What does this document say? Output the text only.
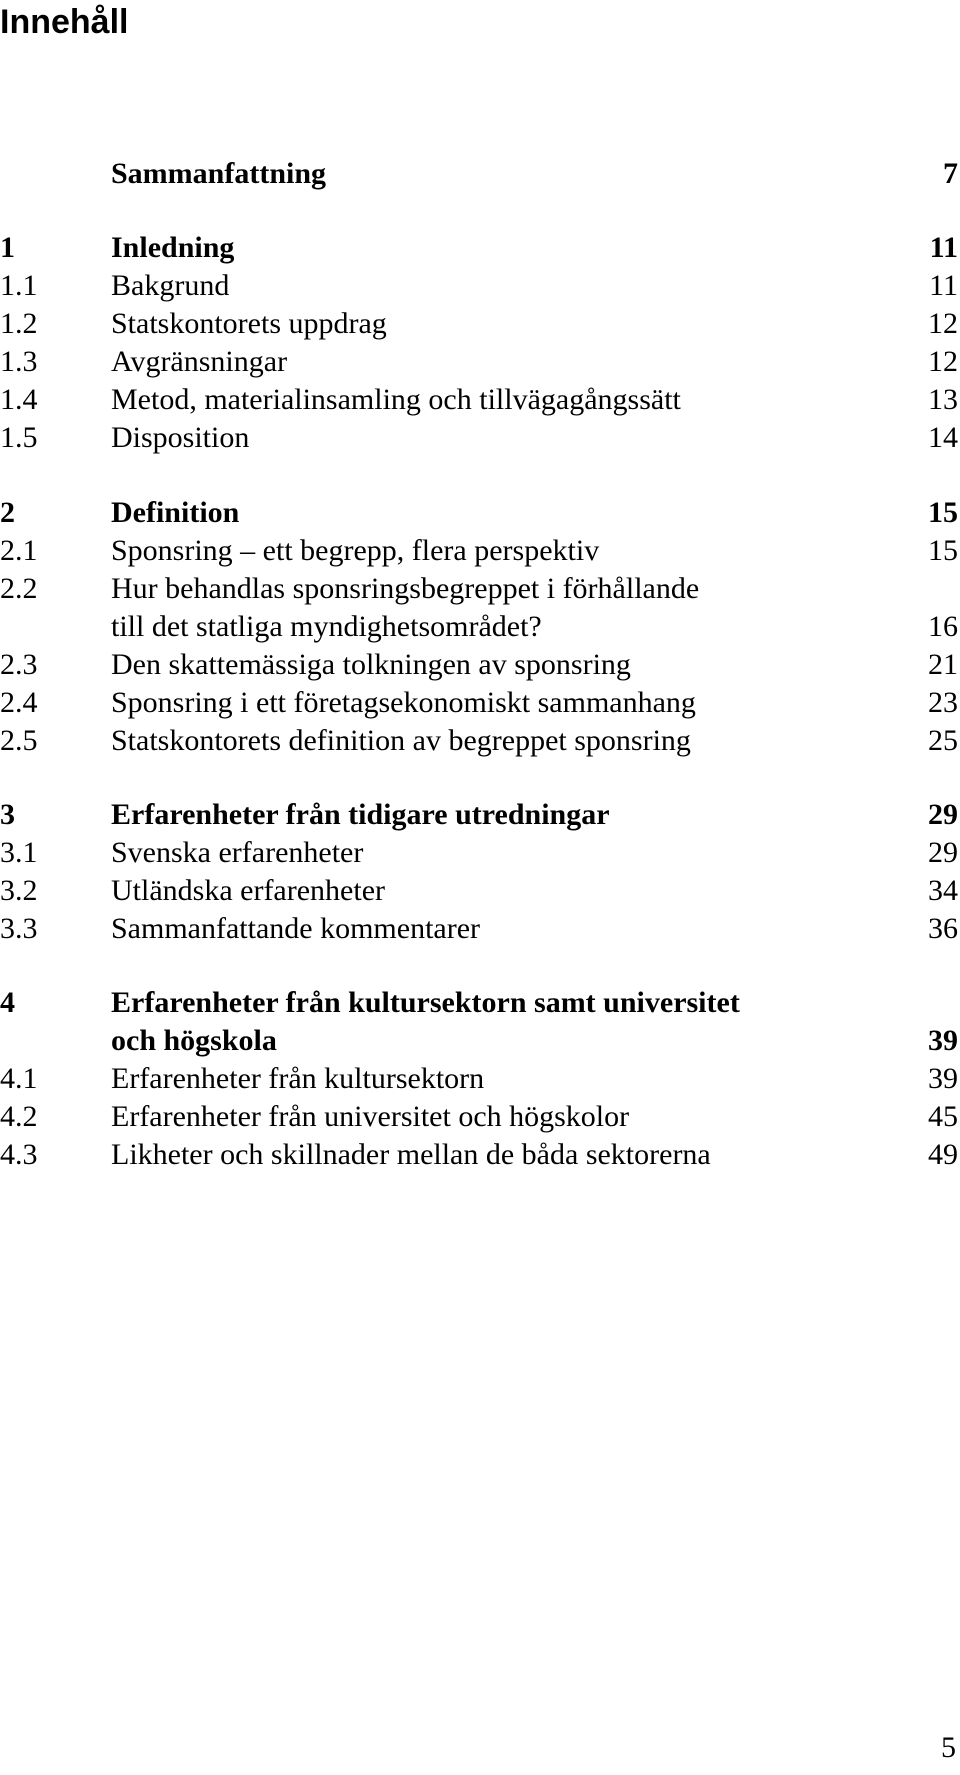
Innehåll
Sammanfattning	7
1	Inledning	11
1.1 Bakgrund	11
1.2 Statskontorets uppdrag	12
1.3 Avgränsningar	12
1.4 Metod, materialinsamling och tillvägagångssätt	13
1.5 Disposition	14
2	Definition	15
2.1 Sponsring – ett begrepp, flera perspektiv	15
2.2 Hur behandlas sponsringsbegreppet i förhållande
till det statliga myndighetsområdet?	16
2.3 Den skattemässiga tolkningen av sponsring	21
2.4 Sponsring i ett företagsekonomiskt sammanhang	23
2.5 Statskontorets definition av begreppet sponsring	25
3	Erfarenheter från tidigare utredningar	29
3.1 Svenska erfarenheter	29
3.2 Utländska erfarenheter	34
3.3 Sammanfattande kommentarer	36
4	Erfarenheter från kultursektorn samt universitet
och högskola	39
4.1 Erfarenheter från kultursektorn	39
4.2 Erfarenheter från universitet och högskolor	45
4.3 Likheter och skillnader mellan de båda sektorerna	49
5
